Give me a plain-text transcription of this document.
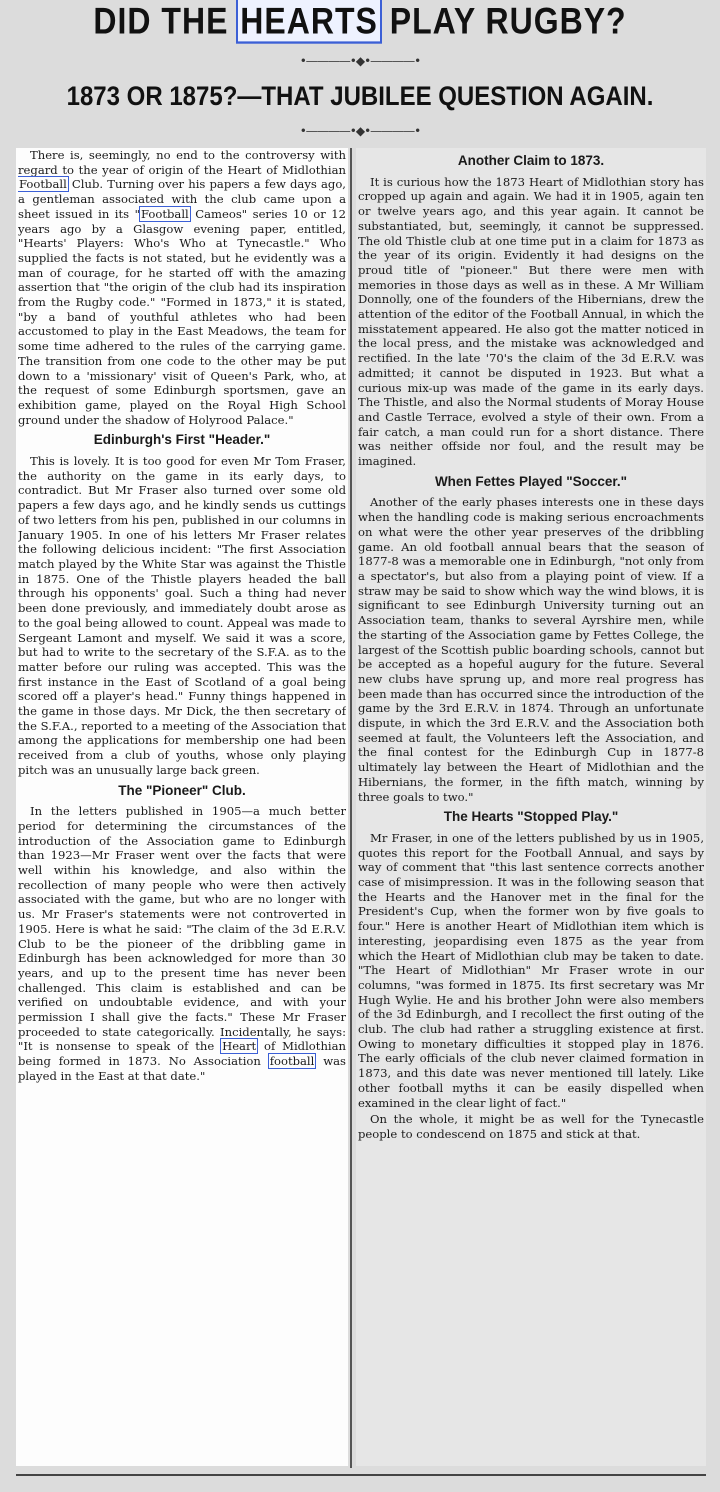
DID THE HEARTS PLAY RUGBY?
•————•◆•————•
1873 OR 1875?—THAT JUBILEE QUESTION AGAIN.
•————•◆•————•

There is, seemingly, no end to the controversy with regard to the year of origin of the Heart of Midlothian Football Club. Turning over his papers a few days ago, a gentleman associated with the club came upon a sheet issued in its "Football Cameos" series 10 or 12 years ago by a Glasgow evening paper, entitled, "Hearts' Players: Who's Who at Tynecastle." Who supplied the facts is not stated, but he evidently was a man of courage, for he started off with the amazing assertion that "the origin of the club had its inspiration from the Rugby code." "Formed in 1873," it is stated, "by a band of youthful athletes who had been accustomed to play in the East Meadows, the team for some time adhered to the rules of the carrying game. The transition from one code to the other may be put down to a 'missionary' visit of Queen's Park, who, at the request of some Edinburgh sportsmen, gave an exhibition game, played on the Royal High School ground under the shadow of Holyrood Palace."

Edinburgh's First "Header."

This is lovely. It is too good for even Mr Tom Fraser, the authority on the game in its early days, to contradict. But Mr Fraser also turned over some old papers a few days ago, and he kindly sends us cuttings of two letters from his pen, published in our columns in January 1905. In one of his letters Mr Fraser relates the following delicious incident: "The first Association match played by the White Star was against the Thistle in 1875. One of the Thistle players headed the ball through his opponents' goal. Such a thing had never been done previously, and immediately doubt arose as to the goal being allowed to count. Appeal was made to Sergeant Lamont and myself. We said it was a score, but had to write to the secretary of the S.F.A. as to the matter before our ruling was accepted. This was the first instance in the East of Scotland of a goal being scored off a player's head." Funny things happened in the game in those days. Mr Dick, the then secretary of the S.F.A., reported to a meeting of the Association that among the applications for membership one had been received from a club of youths, whose only playing pitch was an unusually large back green.

The "Pioneer" Club.

In the letters published in 1905—a much better period for determining the circumstances of the introduction of the Association game to Edinburgh than 1923—Mr Fraser went over the facts that were well within his knowledge, and also within the recollection of many people who were then actively associated with the game, but who are no longer with us. Mr Fraser's statements were not controverted in 1905. Here is what he said: "The claim of the 3d E.R.V. Club to be the pioneer of the dribbling game in Edinburgh has been acknowledged for more than 30 years, and up to the present time has never been challenged. This claim is established and can be verified on undoubtable evidence, and with your permission I shall give the facts." These Mr Fraser proceeded to state categorically. Incidentally, he says: "It is nonsense to speak of the Heart of Midlothian being formed in 1873. No Association football was played in the East at that date."

Another Claim to 1873.

It is curious how the 1873 Heart of Midlothian story has cropped up again and again. We had it in 1905, again ten or twelve years ago, and this year again. It cannot be substantiated, but, seemingly, it cannot be suppressed. The old Thistle club at one time put in a claim for 1873 as the year of its origin. Evidently it had designs on the proud title of "pioneer." But there were men with memories in those days as well as in these. A Mr William Donnolly, one of the founders of the Hibernians, drew the attention of the editor of the Football Annual, in which the misstatement appeared. He also got the matter noticed in the local press, and the mistake was acknowledged and rectified. In the late '70's the claim of the 3d E.R.V. was admitted; it cannot be disputed in 1923. But what a curious mix-up was made of the game in its early days. The Thistle, and also the Normal students of Moray House and Castle Terrace, evolved a style of their own. From a fair catch, a man could run for a short distance. There was neither offside nor foul, and the result may be imagined.

When Fettes Played "Soccer."

Another of the early phases interests one in these days when the handling code is making serious encroachments on what were the other year preserves of the dribbling game. An old football annual bears that the season of 1877-8 was a memorable one in Edinburgh, "not only from a spectator's, but also from a playing point of view. If a straw may be said to show which way the wind blows, it is significant to see Edinburgh University turning out an Association team, thanks to several Ayrshire men, while the starting of the Association game by Fettes College, the largest of the Scottish public boarding schools, cannot but be accepted as a hopeful augury for the future. Several new clubs have sprung up, and more real progress has been made than has occurred since the introduction of the game by the 3rd E.R.V. in 1874. Through an unfortunate dispute, in which the 3rd E.R.V. and the Association both seemed at fault, the Volunteers left the Association, and the final contest for the Edinburgh Cup in 1877-8 ultimately lay between the Heart of Midlothian and the Hibernians, the former, in the fifth match, winning by three goals to two."

The Hearts "Stopped Play."

Mr Fraser, in one of the letters published by us in 1905, quotes this report for the Football Annual, and says by way of comment that "this last sentence corrects another case of misimpression. It was in the following season that the Hearts and the Hanover met in the final for the President's Cup, when the former won by five goals to four." Here is another Heart of Midlothian item which is interesting, jeopardising even 1875 as the year from which the Heart of Midlothian club may be taken to date. "The Heart of Midlothian" Mr Fraser wrote in our columns, "was formed in 1875. Its first secretary was Mr Hugh Wylie. He and his brother John were also members of the 3d Edinburgh, and I recollect the first outing of the club. The club had rather a struggling existence at first. Owing to monetary difficulties it stopped play in 1876. The early officials of the club never claimed formation in 1873, and this date was never mentioned till lately. Like other football myths it can be easily dispelled when examined in the clear light of fact."

On the whole, it might be as well for the Tynecastle people to condescend on 1875 and stick at that.
